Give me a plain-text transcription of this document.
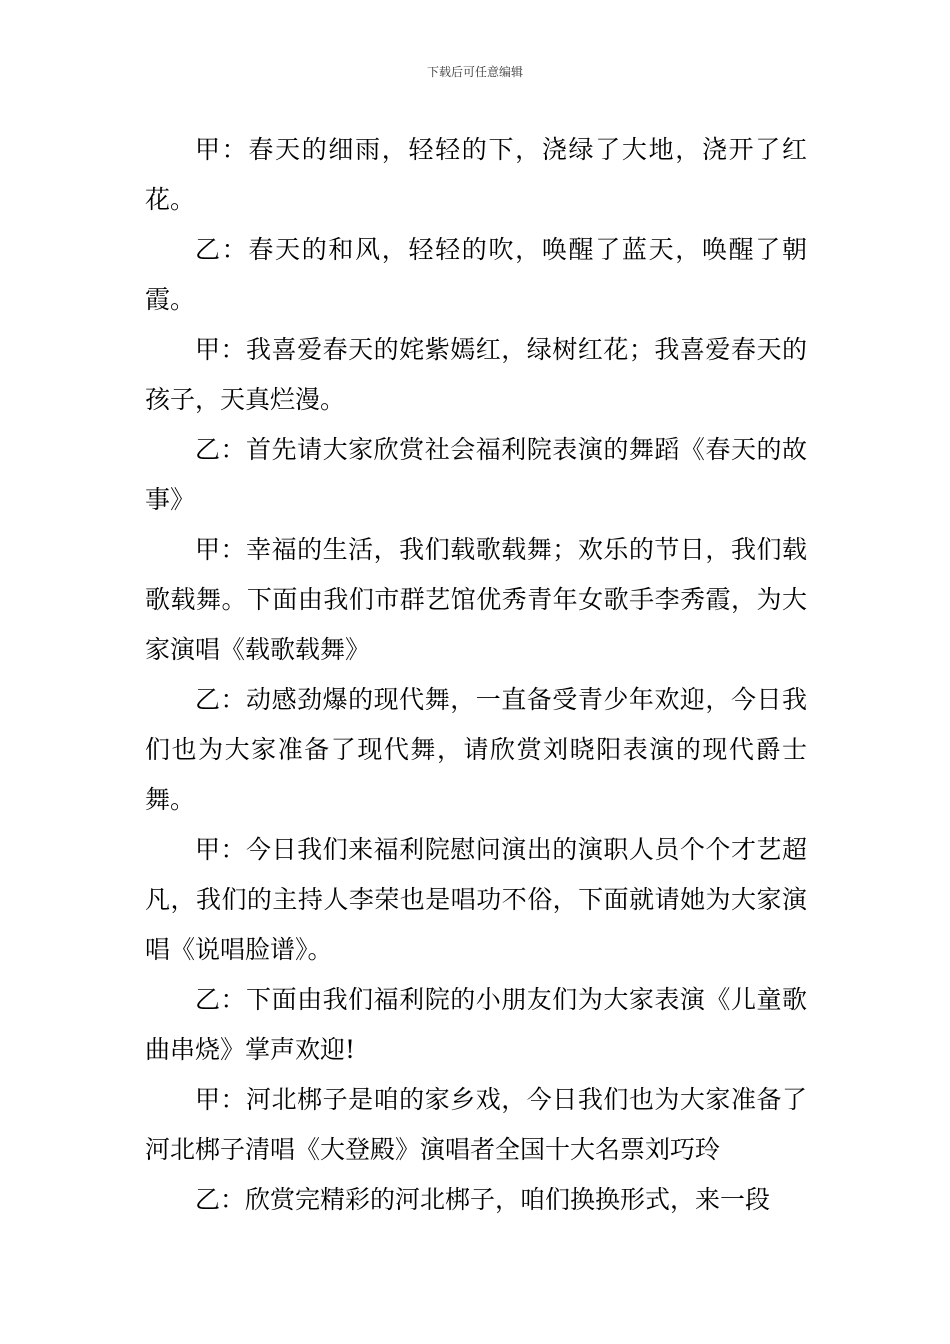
下载后可任意编辑

甲：春天的细雨，轻轻的下，浇绿了大地，浇开了红花。

乙：春天的和风，轻轻的吹，唤醒了蓝天，唤醒了朝霞。

甲：我喜爱春天的姹紫嫣红，绿树红花；我喜爱春天的孩子，天真烂漫。

乙：首先请大家欣赏社会福利院表演的舞蹈《春天的故事》

甲：幸福的生活，我们载歌载舞；欢乐的节日，我们载歌载舞。下面由我们市群艺馆优秀青年女歌手李秀霞，为大家演唱《载歌载舞》

乙：动感劲爆的现代舞，一直备受青少年欢迎，今日我们也为大家准备了现代舞，请欣赏刘晓阳表演的现代爵士舞。

甲：今日我们来福利院慰问演出的演职人员个个才艺超凡，我们的主持人李荣也是唱功不俗，下面就请她为大家演唱《说唱脸谱》。

乙：下面由我们福利院的小朋友们为大家表演《儿童歌曲串烧》掌声欢迎!

甲：河北梆子是咱的家乡戏，今日我们也为大家准备了河北梆子清唱《大登殿》演唱者全国十大名票刘巧玲

乙：欣赏完精彩的河北梆子，咱们换换形式，来一段
